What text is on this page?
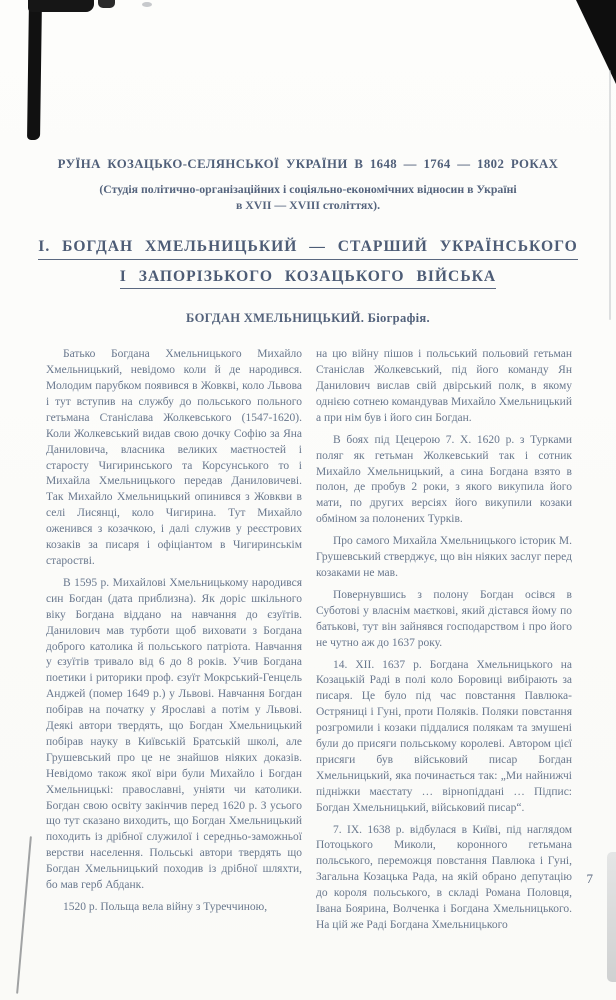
РУЇНА КОЗАЦЬКО-СЕЛЯНСЬКОЇ УКРАЇНИ В 1648 — 1764 — 1802 РОКАХ
(Студія політично-організаційних і соціяльно-економічних відносин в Україні
в XVII — XVIII століттях).
І. БОГДАН ХМЕЛЬНИЦЬКИЙ — СТАРШИЙ УКРАЇНСЬКОГО
І ЗАПОРІЗЬКОГО КОЗАЦЬКОГО ВІЙСЬКА
БОГДАН ХМЕЛЬНИЦЬКИЙ. Біографія.

Батько Богдана Хмельницького Михайло Хмельницький, невідомо коли й де народився. Молодим парубком появився в Жовкві, коло Львова і тут вступив на службу до польського польного гетьмана Станіслава Жолкевського (1547-1620). Коли Жолкевський видав свою дочку Софію за Яна Даниловича, власника великих маєтностей і старосту Чигиринського та Корсунського то і Михайла Хмельницького передав Даниловичеві. Так Михайло Хмельницький опинився з Жовкви в селі Лисянці, коло Чигирина. Тут Михайло оженився з козачкою, і далі служив у реєстрових козаків за писаря і офіціантом в Чигиринськім старостві.

В 1595 р. Михайлові Хмельницькому народився син Богдан (дата приблизна). Як доріс шкільного віку Богдана віддано на навчання до єзуїтів. Данилович мав турботи щоб виховати з Богдана доброго католика й польського патріота. Навчання у єзуїтів тривало від 6 до 8 років. Учив Богдана поетики і риторики проф. єзуїт Мокрський-Генцель Анджей (помер 1649 р.) у Львові. Навчання Богдан побірав на початку у Ярославі а потім у Львові. Деякі автори твердять, що Богдан Хмельницький побірав науку в Київській Братській школі, але Грушевський про це не знайшов ніяких доказів. Невідомо також якої віри були Михайло і Богдан Хмельницькі: православні, уніяти чи католики. Богдан свою освіту закінчив перед 1620 р. З усього що тут сказано виходить, що Богдан Хмельницький походить із дрібної служилої і середньо-заможньої верстви населення. Польські автори твердять що Богдан Хмельницький походив із дрібної шляхти, бо мав герб Абданк.

1520 р. Польща вела війну з Туреччиною,

на цю війну пішов і польський польовий гетьман Станіслав Жолкевський, під його команду Ян Данилович вислав свій двірський полк, в якому однією сотнею командував Михайло Хмельницький а при нім був і його син Богдан.

В боях під Цецерою 7. X. 1620 р. з Турками поляг як гетьман Жолкевський так і сотник Михайло Хмельницький, а сина Богдана взято в полон, де пробув 2 роки, з якого викупила його мати, по других версіях його викупили козаки обміном за полонених Турків.

Про самого Михайла Хмельницького історик М. Грушевський стверджує, що він ніяких заслуг перед козаками не мав.

Повернувшись з полону Богдан осівся в Суботові у власнім маєткові, який дістався йому по батькові, тут він зайнявся господарством і про його не чутно аж до 1637 року.

14. XII. 1637 р. Богдана Хмельницького на Козацькій Раді в полі коло Боровиці вибірають за писаря. Це було під час повстання Павлюка-Остряниці і Гуні, проти Поляків. Поляки повстання розгромили і козаки піддалися полякам та змушені були до присяги польському королеві. Автором цієї присяги був військовий писар Богдан Хмельницький, яка починається так: „Ми найнижчі підніжки маєстату … вірнопіддані … Підпис: Богдан Хмельницький, військовий писар“.

7. IX. 1638 р. відбулася в Київі, під наглядом Потоцького Миколи, коронного гетьмана польського, переможця повстання Павлюка і Гуні, Загальна Козацька Рада, на якій обрано депутацію до короля польського, в складі Романа Половця, Івана Боярина, Волченка і Богдана Хмельницького. На цій же Раді Богдана Хмельницького

7
